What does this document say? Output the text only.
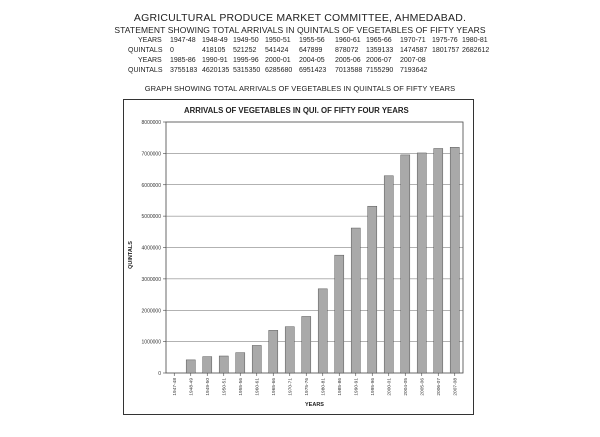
AGRICULTURAL PRODUCE MARKET COMMITTEE, AHMEDABAD.
STATEMENT SHOWING TOTAL ARRIVALS IN QUINTALS OF VEGETABLES OF FIFTY YEARS
YEARS
QUINTALS
YEARS
QUINTALS
1947-48 1948-49 1949-50 1950-51 1955-56 1960-61 1965-66 1970-71 1975-76 1980-81
0	418105 521252 541424 647899 878072 1359133 1474587 1801757 2682612
1985-86 1990-91 1995-96 2000-01 2004-05 2005-06 2006-07 2007-08
3755183 4620135 5315350 6285680 6951423 7013588 7155290 7193642
GRAPH SHOWING TOTAL ARRIVALS OF VEGETABLES IN QUINTALS OF FIFTY YEARS
ARRIVALS OF VEGETABLES IN QUI. OF FIFTY FOUR YEARS
0
1000000
2000000
3000000
4000000
5000000
6000000
7000000
8000000
1947-48 1948-49 1949-50 1950-51 1955-56 1960-61 1965-66 1970-71 1975-76 1980-81 1985-86 1990-91 1995-96 2000-01 2004-05 2005-06 2006-07 2007-08
YEARS
QUINTALS
